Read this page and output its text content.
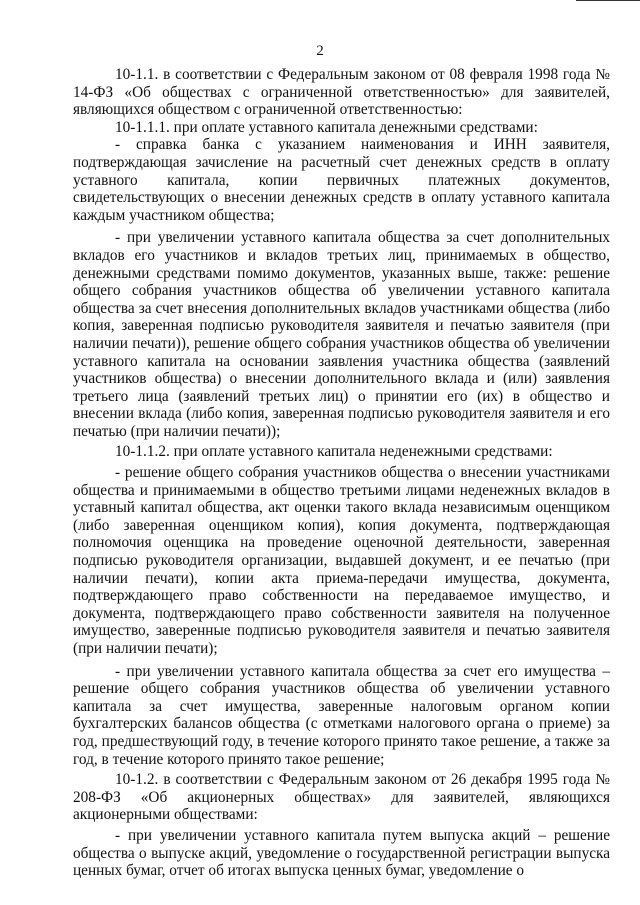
2

10-1.1. в соответствии с Федеральным законом от 08 февраля 1998 года № 14-ФЗ «Об обществах с ограниченной ответственностью» для заявителей, являющихся обществом с ограниченной ответственностью:

10-1.1.1. при оплате уставного капитала денежными средствами:

- справка банка с указанием наименования и ИНН заявителя, подтверждающая зачисление на расчетный счет денежных средств в оплату уставного капитала, копии первичных платежных документов, свидетельствующих о внесении денежных средств в оплату уставного капитала каждым участником общества;

- при увеличении уставного капитала общества за счет дополнительных вкладов его участников и вкладов третьих лиц, принимаемых в общество, денежными средствами помимо документов, указанных выше, также: решение общего собрания участников общества об увеличении уставного капитала общества за счет внесения дополнительных вкладов участниками общества (либо копия, заверенная подписью руководителя заявителя и печатью заявителя (при наличии печати)), решение общего собрания участников общества об увеличении уставного капитала на основании заявления участника общества (заявлений участников общества) о внесении дополнительного вклада и (или) заявления третьего лица (заявлений третьих лиц) о принятии его (их) в общество и внесении вклада (либо копия, заверенная подписью руководителя заявителя и его печатью (при наличии печати));

10-1.1.2. при оплате уставного капитала неденежными средствами:

- решение общего собрания участников общества о внесении участниками общества и принимаемыми в общество третьими лицами неденежных вкладов в уставный капитал общества, акт оценки такого вклада независимым оценщиком (либо заверенная оценщиком копия), копия документа, подтверждающая полномочия оценщика на проведение оценочной деятельности, заверенная подписью руководителя организации, выдавшей документ, и ее печатью (при наличии печати), копии акта приема-передачи имущества, документа, подтверждающего право собственности на передаваемое имущество, и документа, подтверждающего право собственности заявителя на полученное имущество, заверенные подписью руководителя заявителя и печатью заявителя (при наличии печати);

- при увеличении уставного капитала общества за счет его имущества – решение общего собрания участников общества об увеличении уставного капитала за счет имущества, заверенные налоговым органом копии бухгалтерских балансов общества (с отметками налогового органа о приеме) за год, предшествующий году, в течение которого принято такое решение, а также за год, в течение которого принято такое решение;

10-1.2. в соответствии с Федеральным законом от 26 декабря 1995 года № 208-ФЗ «Об акционерных обществах» для заявителей, являющихся акционерными обществами:

- при увеличении уставного капитала путем выпуска акций – решение общества о выпуске акций, уведомление о государственной регистрации выпуска ценных бумаг, отчет об итогах выпуска ценных бумаг, уведомление о
